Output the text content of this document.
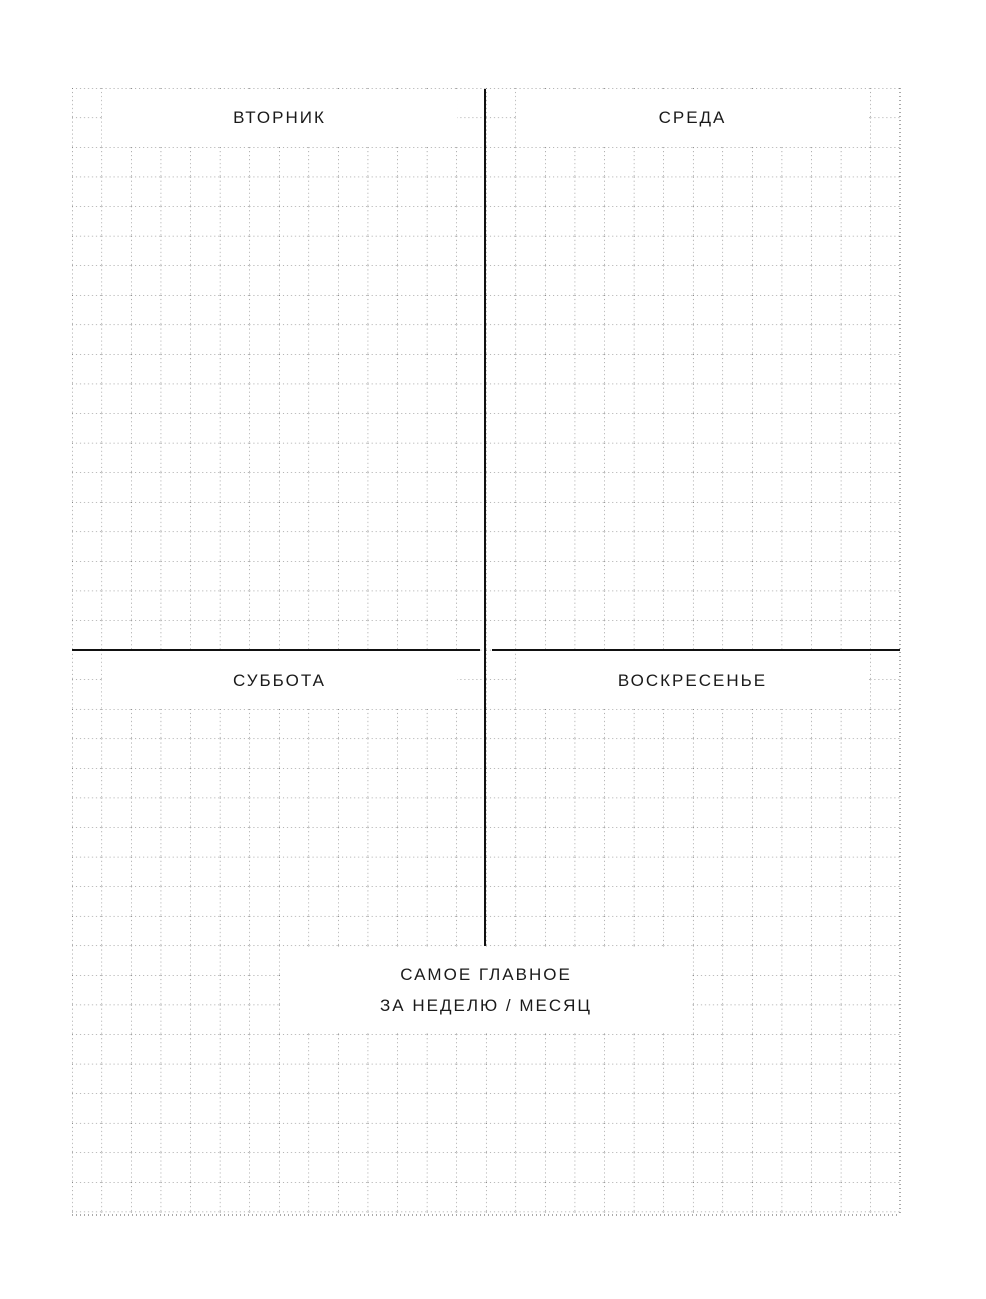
ВТОРНИК	СРЕДА
СУББОТА	ВОСКРЕСЕНЬЕ
САМОЕ ГЛАВНОЕ
ЗА НЕДЕЛЮ / МЕСЯЦ
